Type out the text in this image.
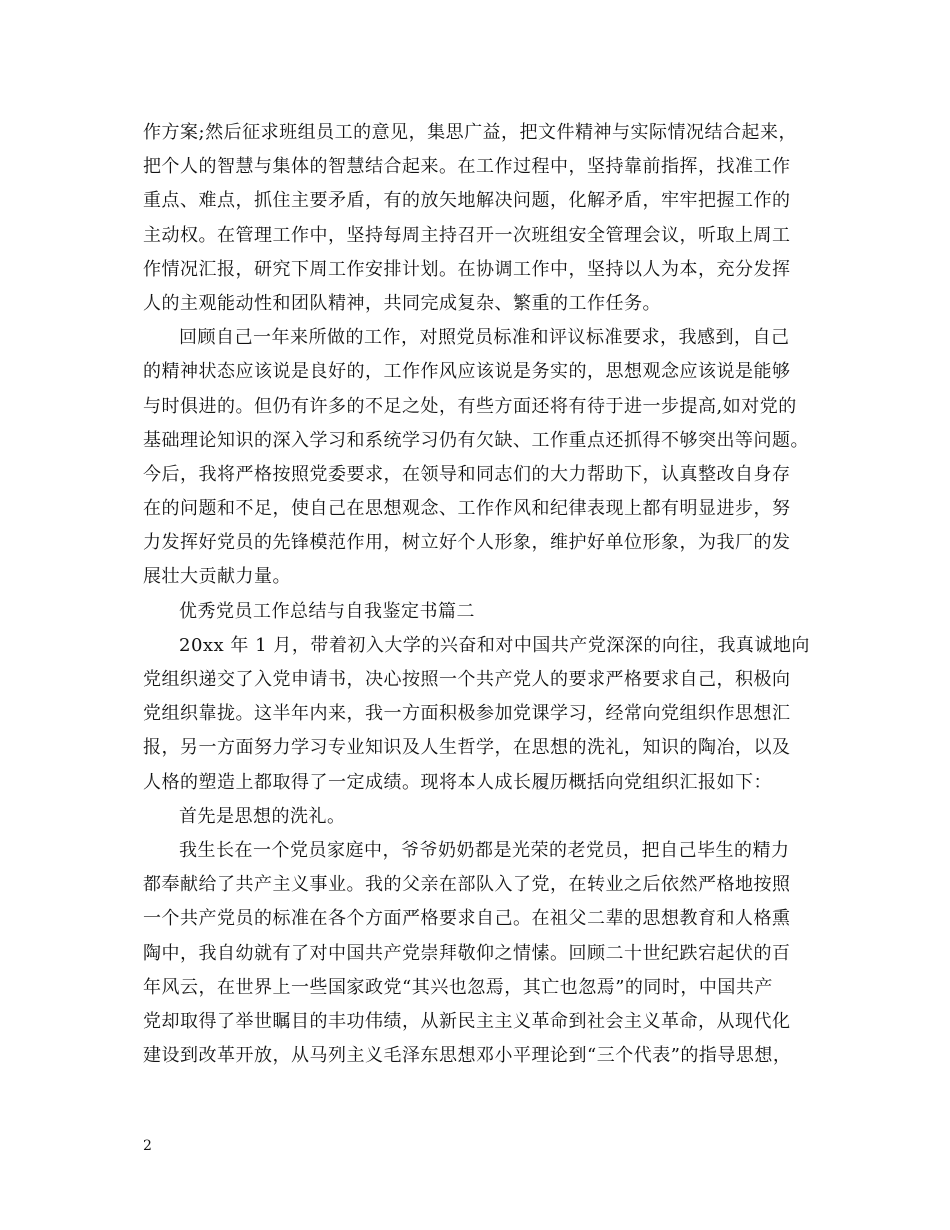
作方案;然后征求班组员工的意见，集思广益，把文件精神与实际情况结合起来，
把个人的智慧与集体的智慧结合起来。在工作过程中，坚持靠前指挥，找准工作
重点、难点，抓住主要矛盾，有的放矢地解决问题，化解矛盾，牢牢把握工作的
主动权。在管理工作中，坚持每周主持召开一次班组安全管理会议，听取上周工
作情况汇报，研究下周工作安排计划。在协调工作中，坚持以人为本，充分发挥
人的主观能动性和团队精神，共同完成复杂、繁重的工作任务。
回顾自己一年来所做的工作，对照党员标准和评议标准要求，我感到，自己
的精神状态应该说是良好的，工作作风应该说是务实的，思想观念应该说是能够
与时俱进的。但仍有许多的不足之处，有些方面还将有待于进一步提高,如对党的
基础理论知识的深入学习和系统学习仍有欠缺、工作重点还抓得不够突出等问题。
今后，我将严格按照党委要求，在领导和同志们的大力帮助下，认真整改自身存
在的问题和不足，使自己在思想观念、工作作风和纪律表现上都有明显进步，努
力发挥好党员的先锋模范作用，树立好个人形象，维护好单位形象，为我厂的发
展壮大贡献力量。
优秀党员工作总结与自我鉴定书篇二
20xx 年 1 月，带着初入大学的兴奋和对中国共产党深深的向往，我真诚地向
党组织递交了入党申请书，决心按照一个共产党人的要求严格要求自己，积极向
党组织靠拢。这半年内来，我一方面积极参加党课学习，经常向党组织作思想汇
报，另一方面努力学习专业知识及人生哲学，在思想的洗礼，知识的陶冶，以及
人格的塑造上都取得了一定成绩。现将本人成长履历概括向党组织汇报如下：
首先是思想的洗礼。
我生长在一个党员家庭中，爷爷奶奶都是光荣的老党员，把自己毕生的精力
都奉献给了共产主义事业。我的父亲在部队入了党，在转业之后依然严格地按照
一个共产党员的标准在各个方面严格要求自己。在祖父二辈的思想教育和人格熏
陶中，我自幼就有了对中国共产党崇拜敬仰之情愫。回顾二十世纪跌宕起伏的百
年风云，在世界上一些国家政党“其兴也忽焉，其亡也忽焉”的同时，中国共产
党却取得了举世瞩目的丰功伟绩，从新民主主义革命到社会主义革命，从现代化
建设到改革开放，从马列主义毛泽东思想邓小平理论到“三个代表”的指导思想，
2
